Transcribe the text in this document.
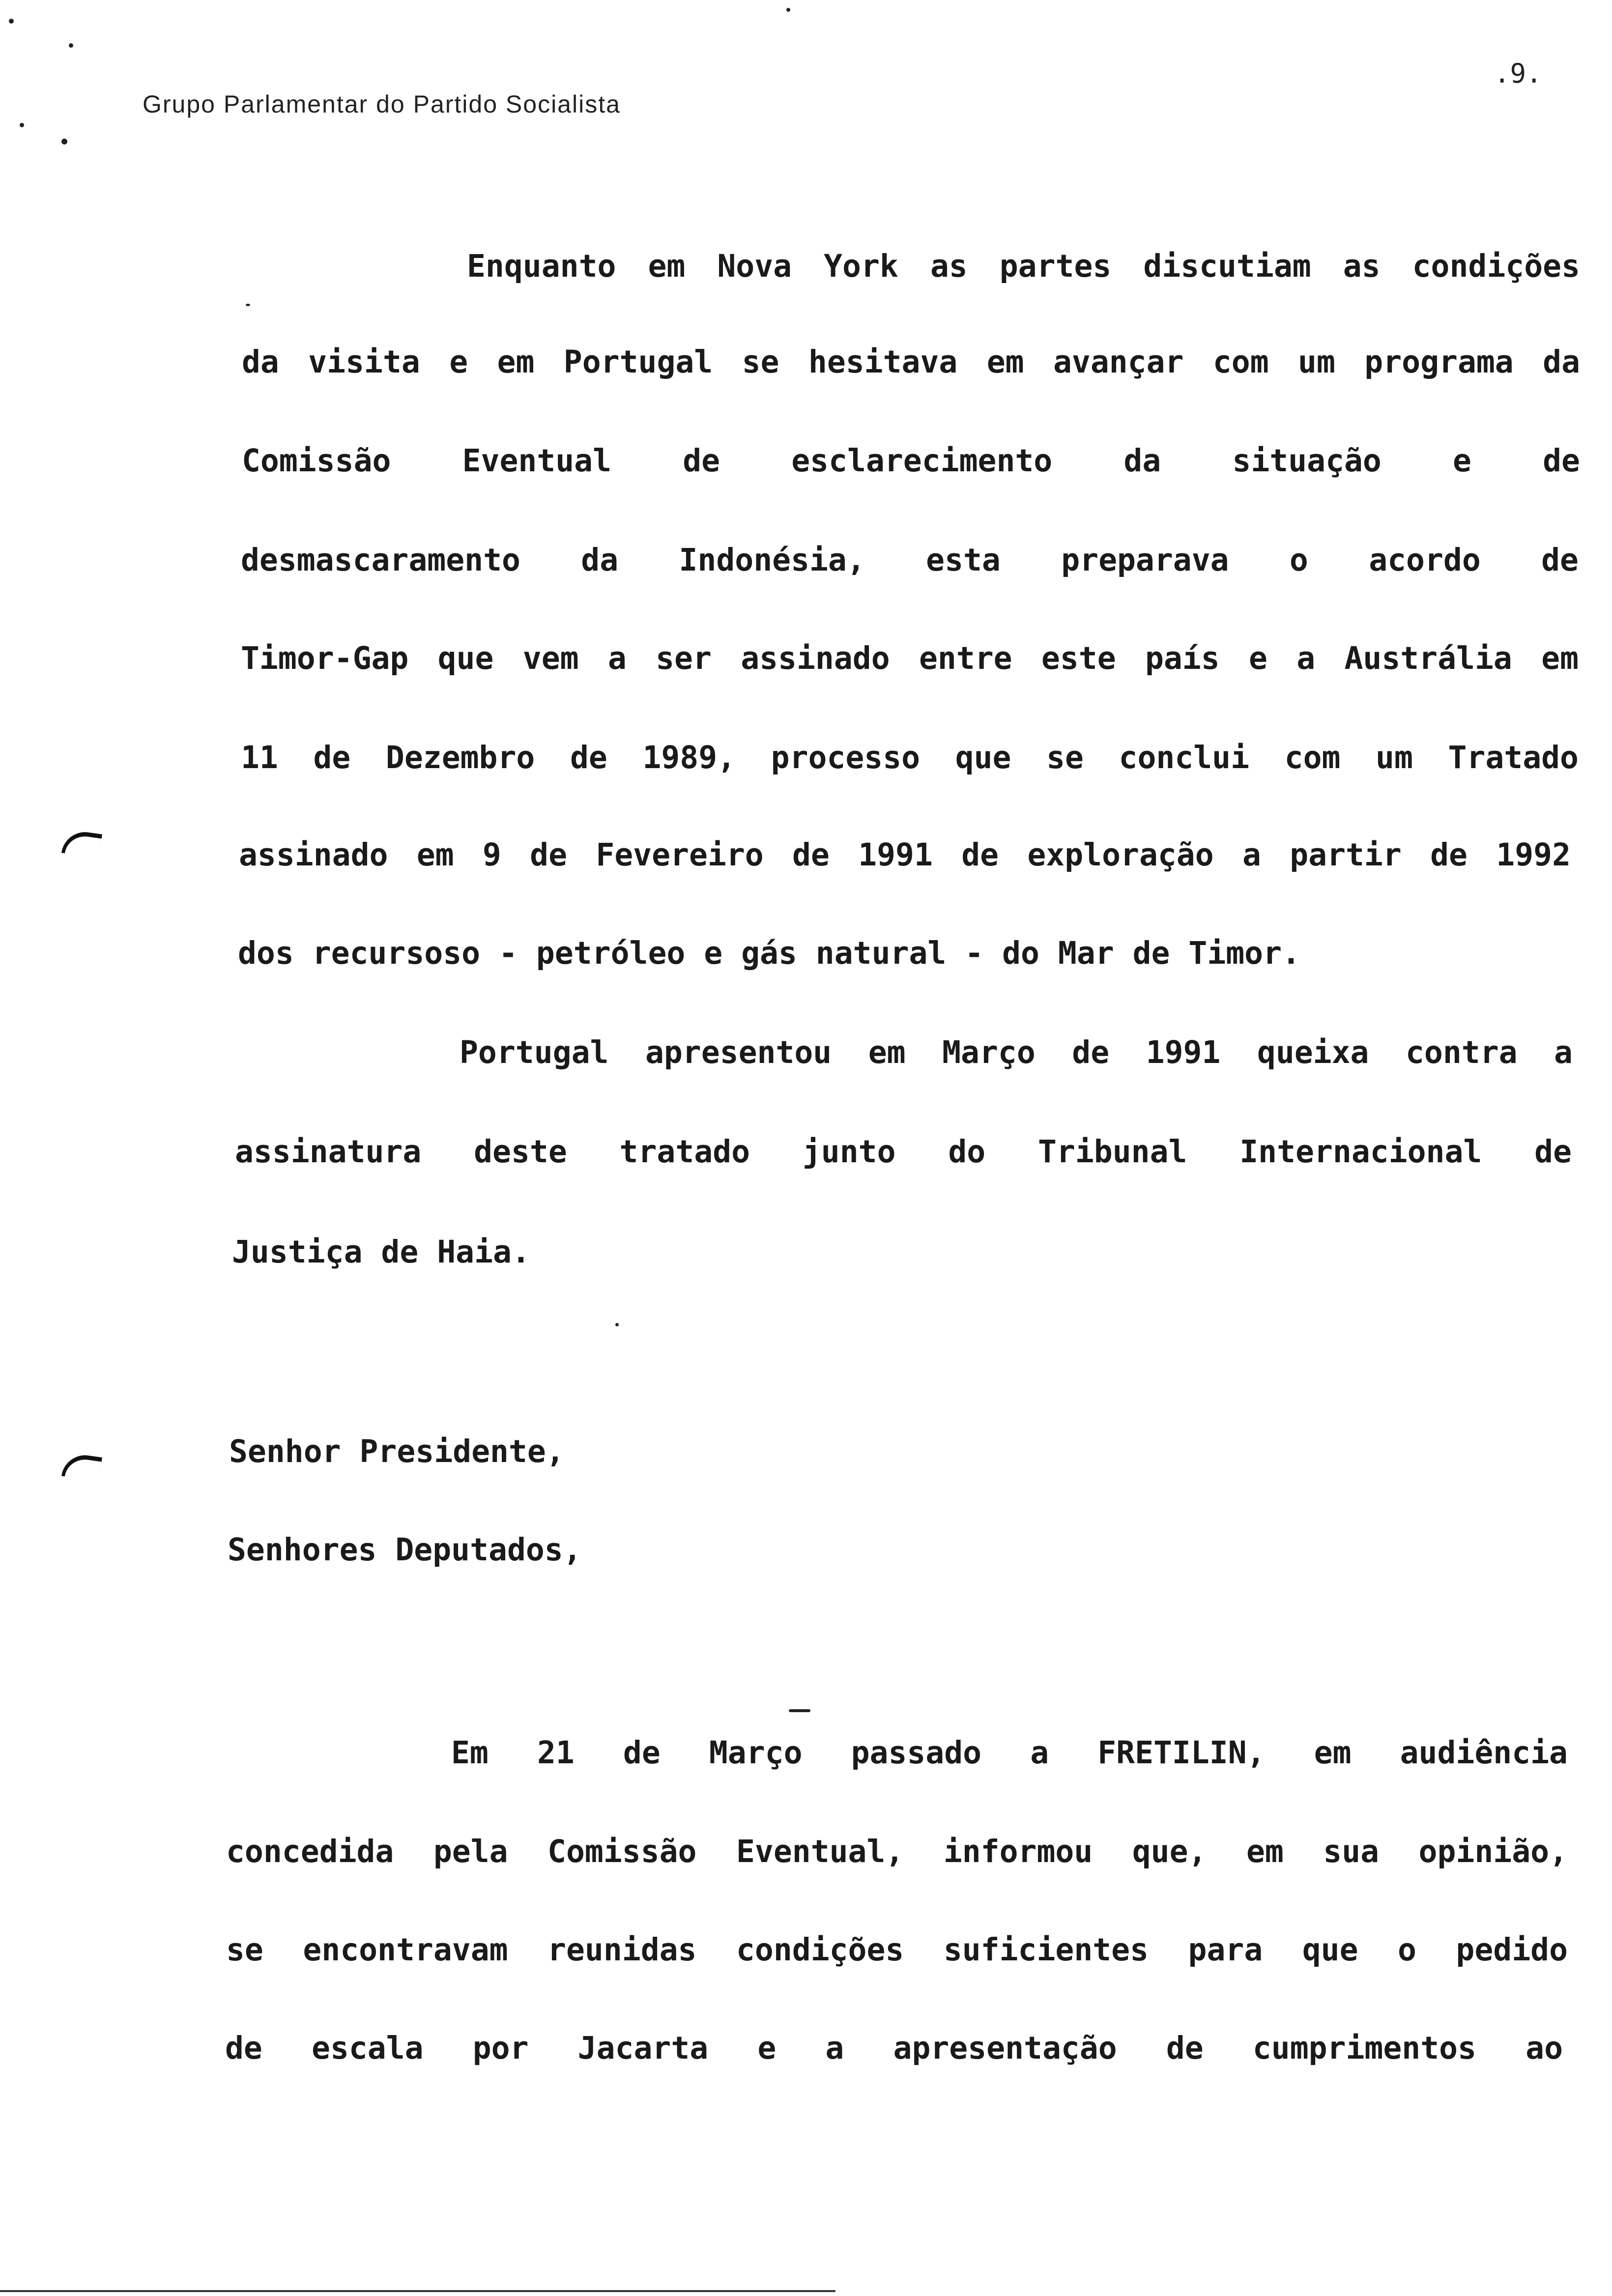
Grupo Parlamentar do Partido Socialista
.9.
Enquanto em Nova York as partes discutiam as condições
da visita e em Portugal se hesitava em avançar com um programa da
Comissão Eventual de esclarecimento da situação e de
desmascaramento da Indonésia, esta preparava o acordo de
Timor-Gap que vem a ser assinado entre este país e a Austrália em
11 de Dezembro de 1989, processo que se conclui com um Tratado
assinado em 9 de Fevereiro de 1991 de exploração a partir de 1992
dos recursoso - petróleo e gás natural - do Mar de Timor.
Portugal apresentou em Março de 1991 queixa contra a
assinatura deste tratado junto do Tribunal Internacional de
Justiça de Haia.
Senhor Presidente,
Senhores Deputados,
Em 21 de Março passado a FRETILIN, em audiência
concedida pela Comissão Eventual, informou que, em sua opinião,
se encontravam reunidas condições suficientes para que o pedido
de escala por Jacarta e a apresentação de cumprimentos ao
